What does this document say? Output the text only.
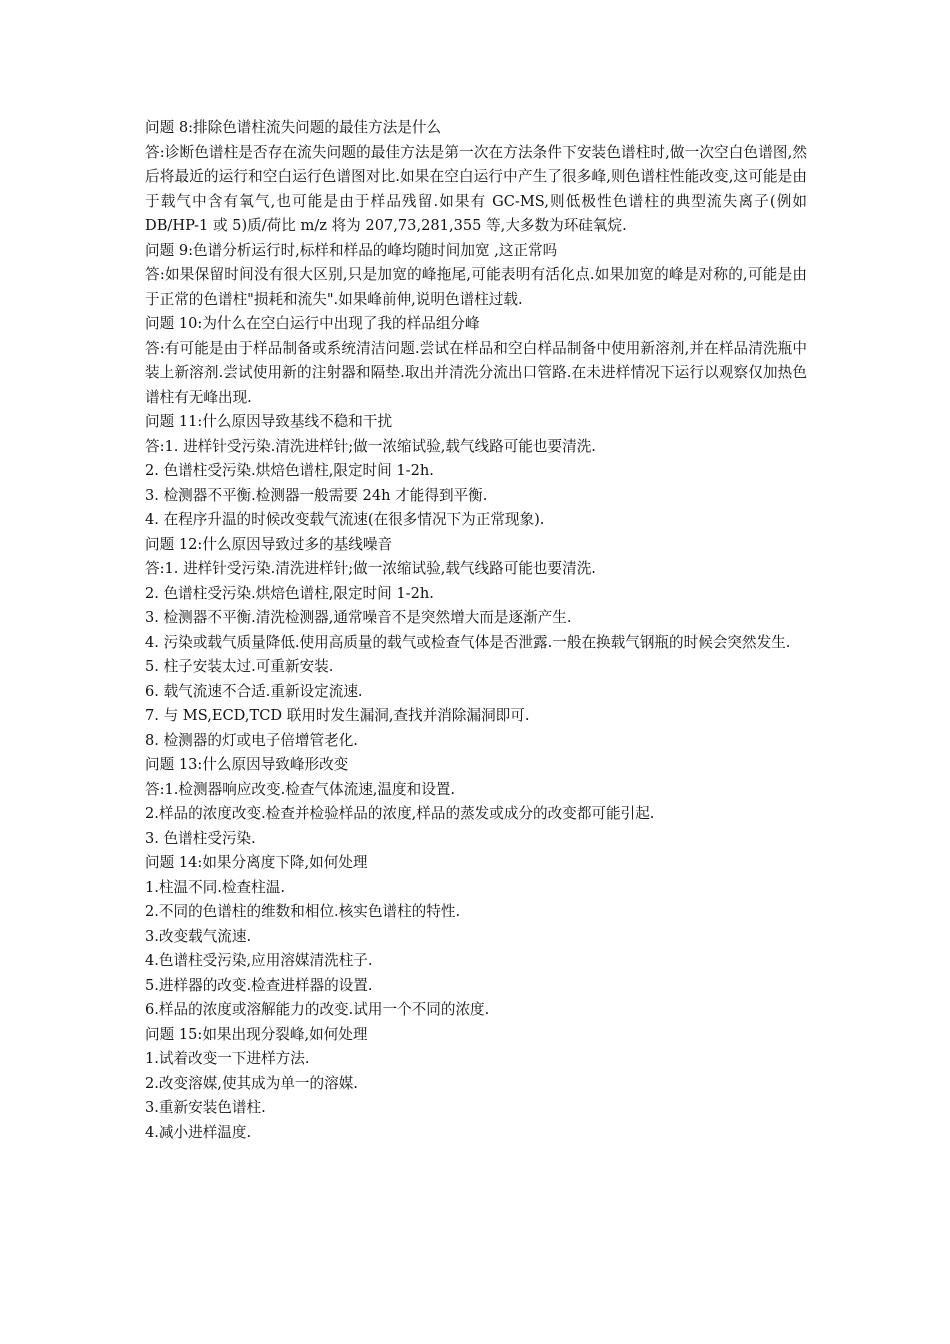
问题 8:排除色谱柱流失问题的最佳方法是什么

答:诊断色谱柱是否存在流失问题的最佳方法是第一次在方法条件下安装色谱柱时,做一次空白色谱图,然后将最近的运行和空白运行色谱图对比.如果在空白运行中产生了很多峰,则色谱柱性能改变,这可能是由于载气中含有氧气,也可能是由于样品残留.如果有 GC-MS,则低极性色谱柱的典型流失离子(例如 DB/HP-1 或 5)质/荷比 m/z 将为 207,73,281,355 等,大多数为环硅氧烷.

问题 9:色谱分析运行时,标样和样品的峰均随时间加宽 ,这正常吗

答:如果保留时间没有很大区别,只是加宽的峰拖尾,可能表明有活化点.如果加宽的峰是对称的,可能是由于正常的色谱柱"损耗和流失".如果峰前伸,说明色谱柱过载.

问题 10:为什么在空白运行中出现了我的样品组分峰

答:有可能是由于样品制备或系统清洁问题.尝试在样品和空白样品制备中使用新溶剂,并在样品清洗瓶中装上新溶剂.尝试使用新的注射器和隔垫.取出并清洗分流出口管路.在未进样情况下运行以观察仅加热色谱柱有无峰出现.

问题 11:什么原因导致基线不稳和干扰

答:1. 进样针受污染.清洗进样针;做一浓缩试验,载气线路可能也要清洗.

2. 色谱柱受污染.烘焙色谱柱,限定时间 1-2h.

3. 检测器不平衡.检测器一般需要 24h 才能得到平衡.

4. 在程序升温的时候改变载气流速(在很多情况下为正常现象).

问题 12:什么原因导致过多的基线噪音

答:1. 进样针受污染.清洗进样针;做一浓缩试验,载气线路可能也要清洗.

2. 色谱柱受污染.烘焙色谱柱,限定时间 1-2h.

3. 检测器不平衡.清洗检测器,通常噪音不是突然增大而是逐渐产生.

4. 污染或载气质量降低.使用高质量的载气或检查气体是否泄露.一般在换载气钢瓶的时候会突然发生.

5. 柱子安装太过.可重新安装.

6. 载气流速不合适.重新设定流速.

7. 与 MS,ECD,TCD 联用时发生漏洞,查找并消除漏洞即可.

8. 检测器的灯或电子倍增管老化.

问题 13:什么原因导致峰形改变

答:1.检测器响应改变.检查气体流速,温度和设置.

2.样品的浓度改变.检查并检验样品的浓度,样品的蒸发或成分的改变都可能引起.

3. 色谱柱受污染.

问题 14:如果分离度下降,如何处理

1.柱温不同.检查柱温.

2.不同的色谱柱的维数和相位.核实色谱柱的特性.

3.改变载气流速.

4.色谱柱受污染,应用溶媒清洗柱子.

5.进样器的改变.检查进样器的设置.

6.样品的浓度或溶解能力的改变.试用一个不同的浓度.

问题 15:如果出现分裂峰,如何处理

1.试着改变一下进样方法.

2.改变溶媒,使其成为单一的溶媒.

3.重新安装色谱柱.

4.减小进样温度.
